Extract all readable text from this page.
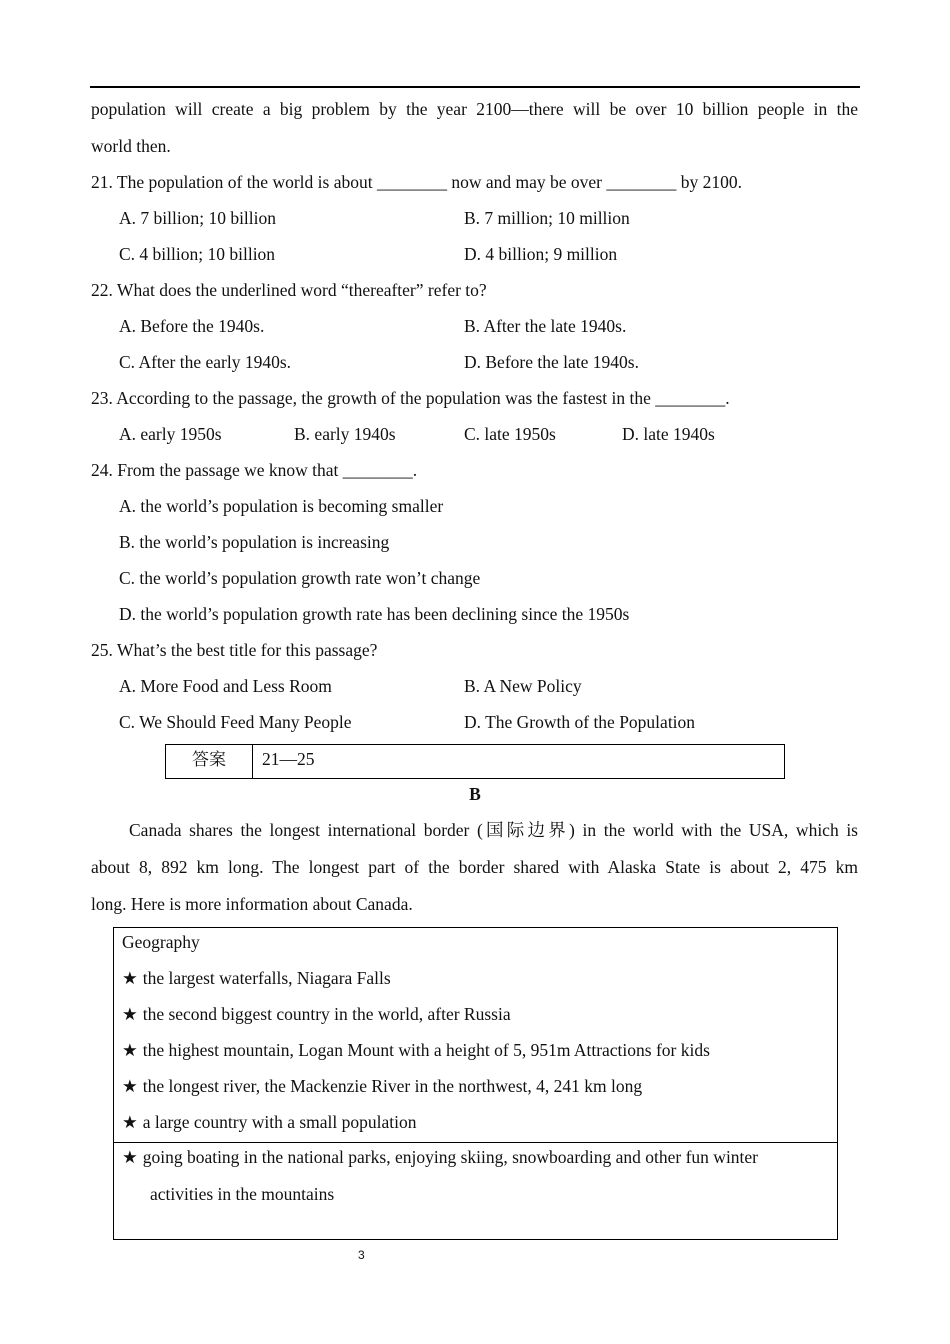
population will create a big problem by the year 2100—there will be over 10 billion people in the
world then.
21. The population of the world is about ________ now and may be over ________ by 2100.
A. 7 billion; 10 billion	B. 7 million; 10 million
C. 4 billion; 10 billion	D. 4 billion; 9 million
22. What does the underlined word “thereafter” refer to?
A. Before the 1940s.	B. After the late 1940s.
C. After the early 1940s.	D. Before the late 1940s.
23. According to the passage, the growth of the population was the fastest in the ________.
A. early 1950s	B. early 1940s	C. late 1950s	D. late 1940s
24. From the passage we know that ________.
A. the world’s population is becoming smaller
B. the world’s population is increasing
C. the world’s population growth rate won’t change
D. the world’s population growth rate has been declining since the 1950s
25. What’s the best title for this passage?
A. More Food and Less Room	B. A New Policy
C. We Should Feed Many People	D. The Growth of the Population
答案	21—25
B
Canada shares the longest international border (国际边界) in the world with the USA, which is
about 8, 892 km long. The longest part of the border shared with Alaska State is about 2, 475 km
long. Here is more information about Canada.
Geography
★ the largest waterfalls, Niagara Falls
★ the second biggest country in the world, after Russia
★ the highest mountain, Logan Mount with a height of 5, 951m Attractions for kids
★ the longest river, the Mackenzie River in the northwest, 4, 241 km long
★ a large country with a small population
★ going boating in the national parks, enjoying skiing, snowboarding and other fun winter
activities in the mountains
3
